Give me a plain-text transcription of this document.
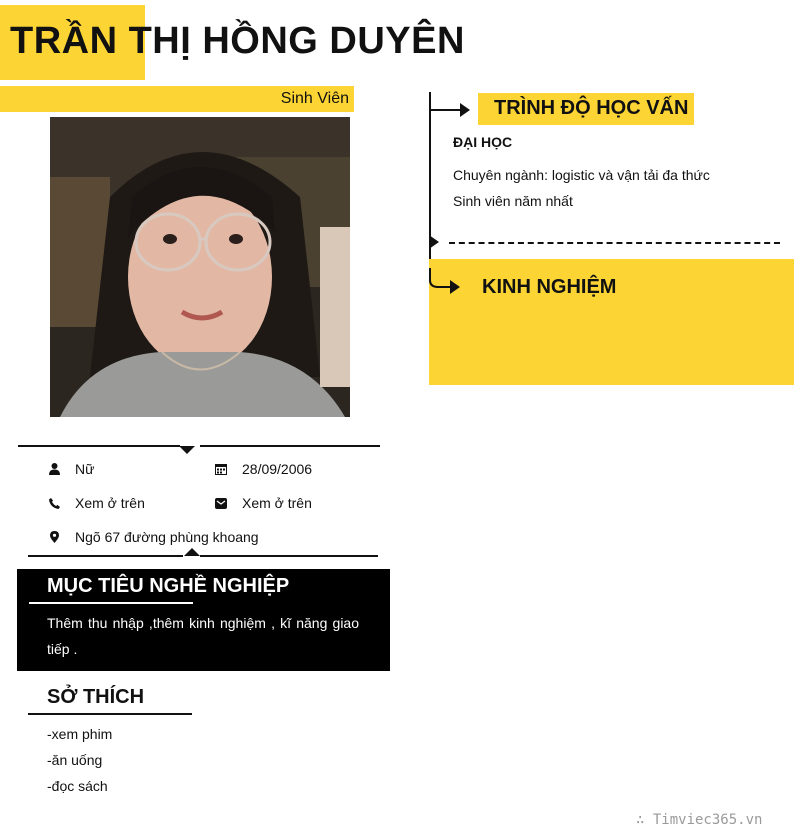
TRẦN THỊ HỒNG DUYÊN
Sinh Viên
Nữ	28/09/2006
Xem ở trên	Xem ở trên
Ngõ 67 đường phùng khoang
MỤC TIÊU NGHỀ NGHIỆP
Thêm thu nhập ,thêm kinh nghiệm , kĩ năng giao tiếp .
SỞ THÍCH
-xem phim
-ăn uống
-đọc sách
TRÌNH ĐỘ HỌC VẤN
ĐẠI HỌC
Chuyên ngành: logistic và vận tải đa thức
Sinh viên năm nhất
KINH NGHIỆM
∴ Timviec365.vn
